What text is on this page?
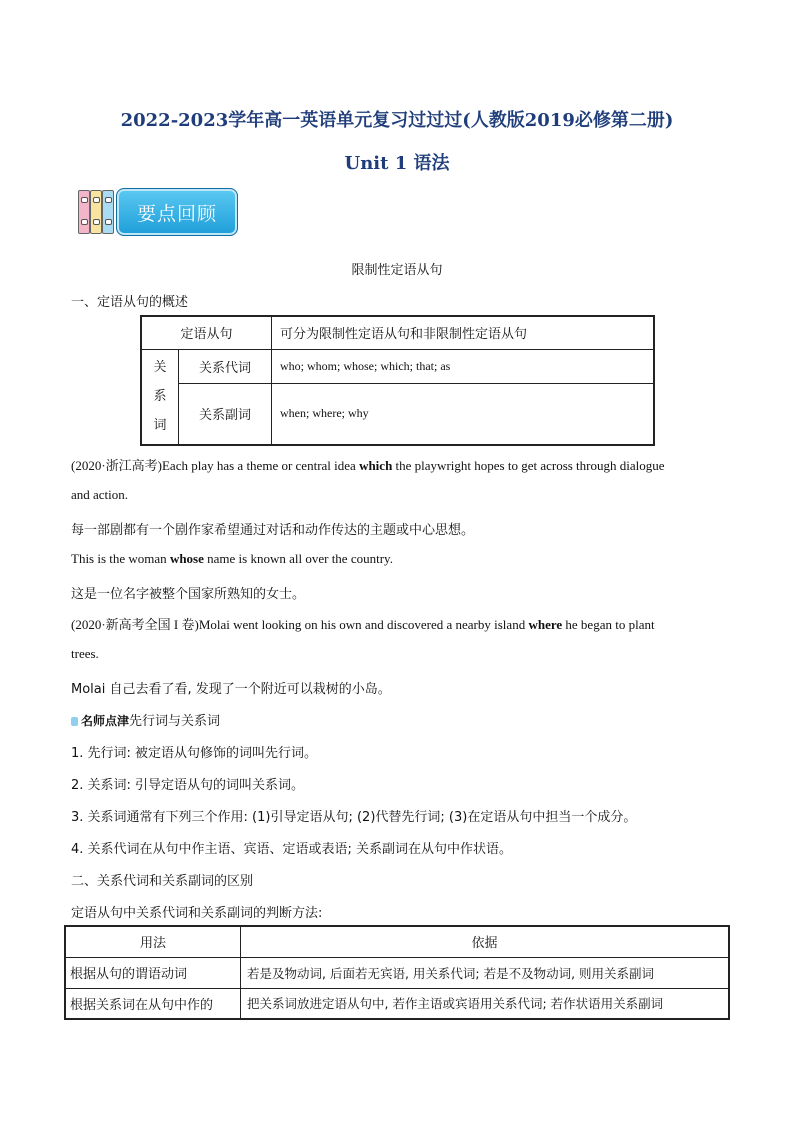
2022-2023学年高一英语单元复习过过过(人教版2019必修第二册)
Unit 1 语法
要点回顾
限制性定语从句
一、定语从句的概述
定语从句		可分为限制性定语从句和非限制性定语从句

关系词	关系代词	who; whom; whose; which; that; as
	关系副词	when; where; why
(2020·浙江高考)Each play has a theme or central idea which the playwright hopes to get across through dialogue
and action.
每一部剧都有一个剧作家希望通过对话和动作传达的主题或中心思想。
This is the woman whose name is known all over the country.
这是一位名字被整个国家所熟知的女士。
(2020·新高考全国 I 卷)Molai went looking on his own and discovered a nearby island where he began to plant
trees.
Molai 自己去看了看, 发现了一个附近可以栽树的小岛。
名师点津先行词与关系词
1. 先行词: 被定语从句修饰的词叫先行词。
2. 关系词: 引导定语从句的词叫关系词。
3. 关系词通常有下列三个作用: (1)引导定语从句; (2)代替先行词; (3)在定语从句中担当一个成分。
4. 关系代词在从句中作主语、宾语、定语或表语; 关系副词在从句中作状语。
二、关系代词和关系副词的区别
定语从句中关系代词和关系副词的判断方法:
用法	依据
根据从句的谓语动词	若是及物动词, 后面若无宾语, 用关系代词; 若是不及物动词, 则用关系副词
根据关系词在从句中作的	把关系词放进定语从句中, 若作主语或宾语用关系代词; 若作状语用关系副词
